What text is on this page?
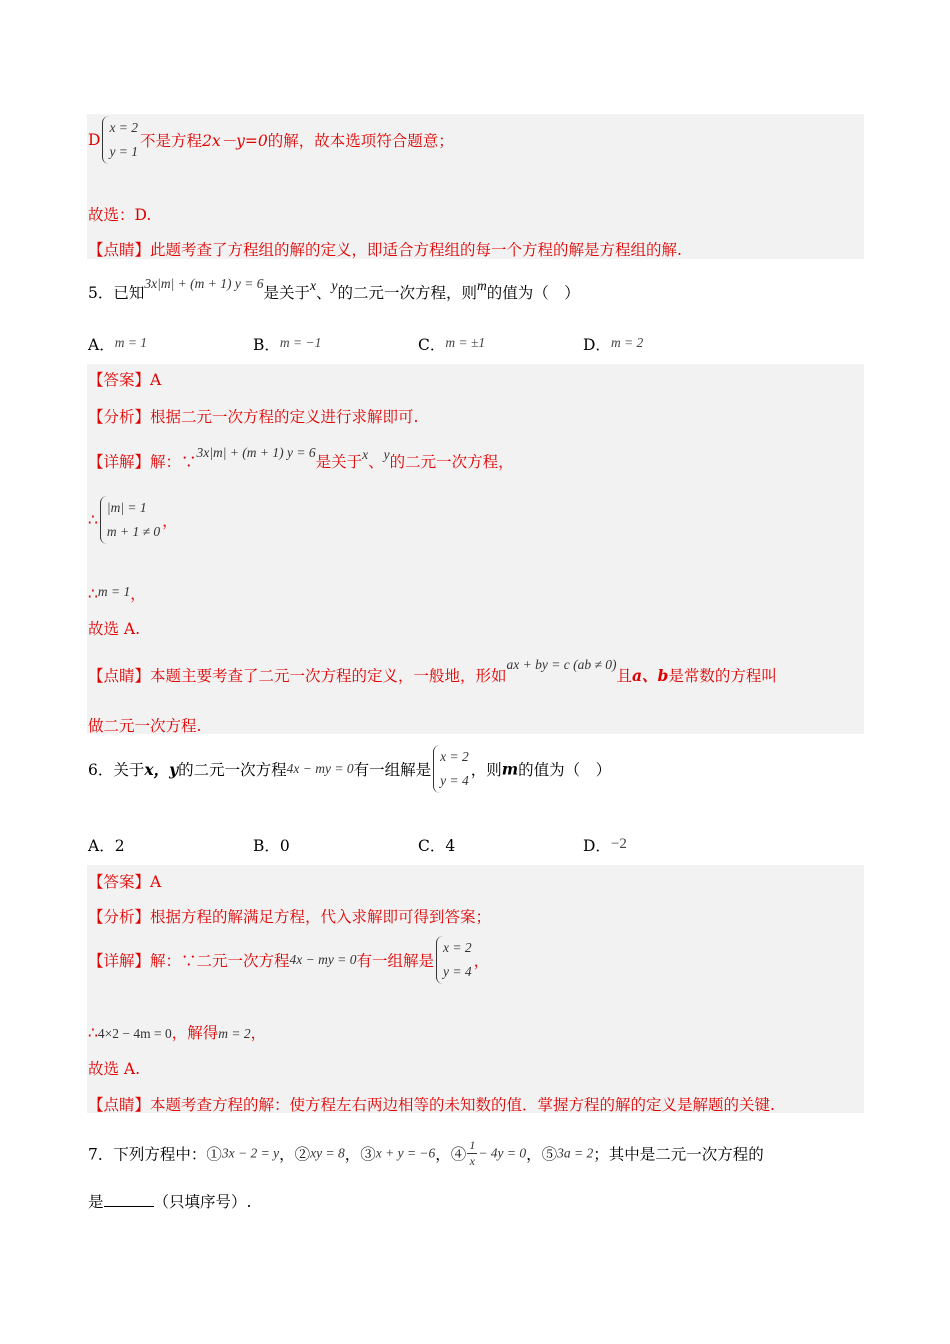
D
x = 2
y = 1
不是方程2x－y=0的解，故本选项符合题意；
故选：D.
【点睛】此题考查了方程组的解的定义，即适合方程组的每一个方程的解是方程组的解.
5．已知3x|m| + (m + 1) y = 6是关于x、y的二元一次方程，则m的值为（　）
A．m = 1	B．m = −1	C．m = ±1	D．m = 2
【答案】A
【分析】根据二元一次方程的定义进行求解即可.
【详解】解：∵3x|m| + (m + 1) y = 6是关于x、y的二元一次方程，
∴
|m| = 1
m + 1 ≠ 0
，
∴m = 1，
故选 A.
【点睛】本题主要考查了二元一次方程的定义，一般地，形如ax + by = c (ab ≠ 0)且a、b是常数的方程叫
做二元一次方程.
6．关于x，y的二元一次方程4x − my = 0有一组解是
x = 2
y = 4
，则m的值为（　）
A．2	B．0	C．4	D．−2
【答案】A
【分析】根据方程的解满足方程，代入求解即可得到答案；
【详解】解：∵二元一次方程4x − my = 0有一组解是
x = 2
y = 4
，
∴4×2 − 4m = 0，解得m = 2，
故选 A.
【点睛】本题考查方程的解：使方程左右两边相等的未知数的值．掌握方程的解的定义是解题的关键.
7．下列方程中：①3x − 2 = y，②xy = 8，③x + y = −6，④ $\frac{1}{x} - 4y = 0$，⑤3a = 2；其中是二元一次方程的
是	（只填序号）.
